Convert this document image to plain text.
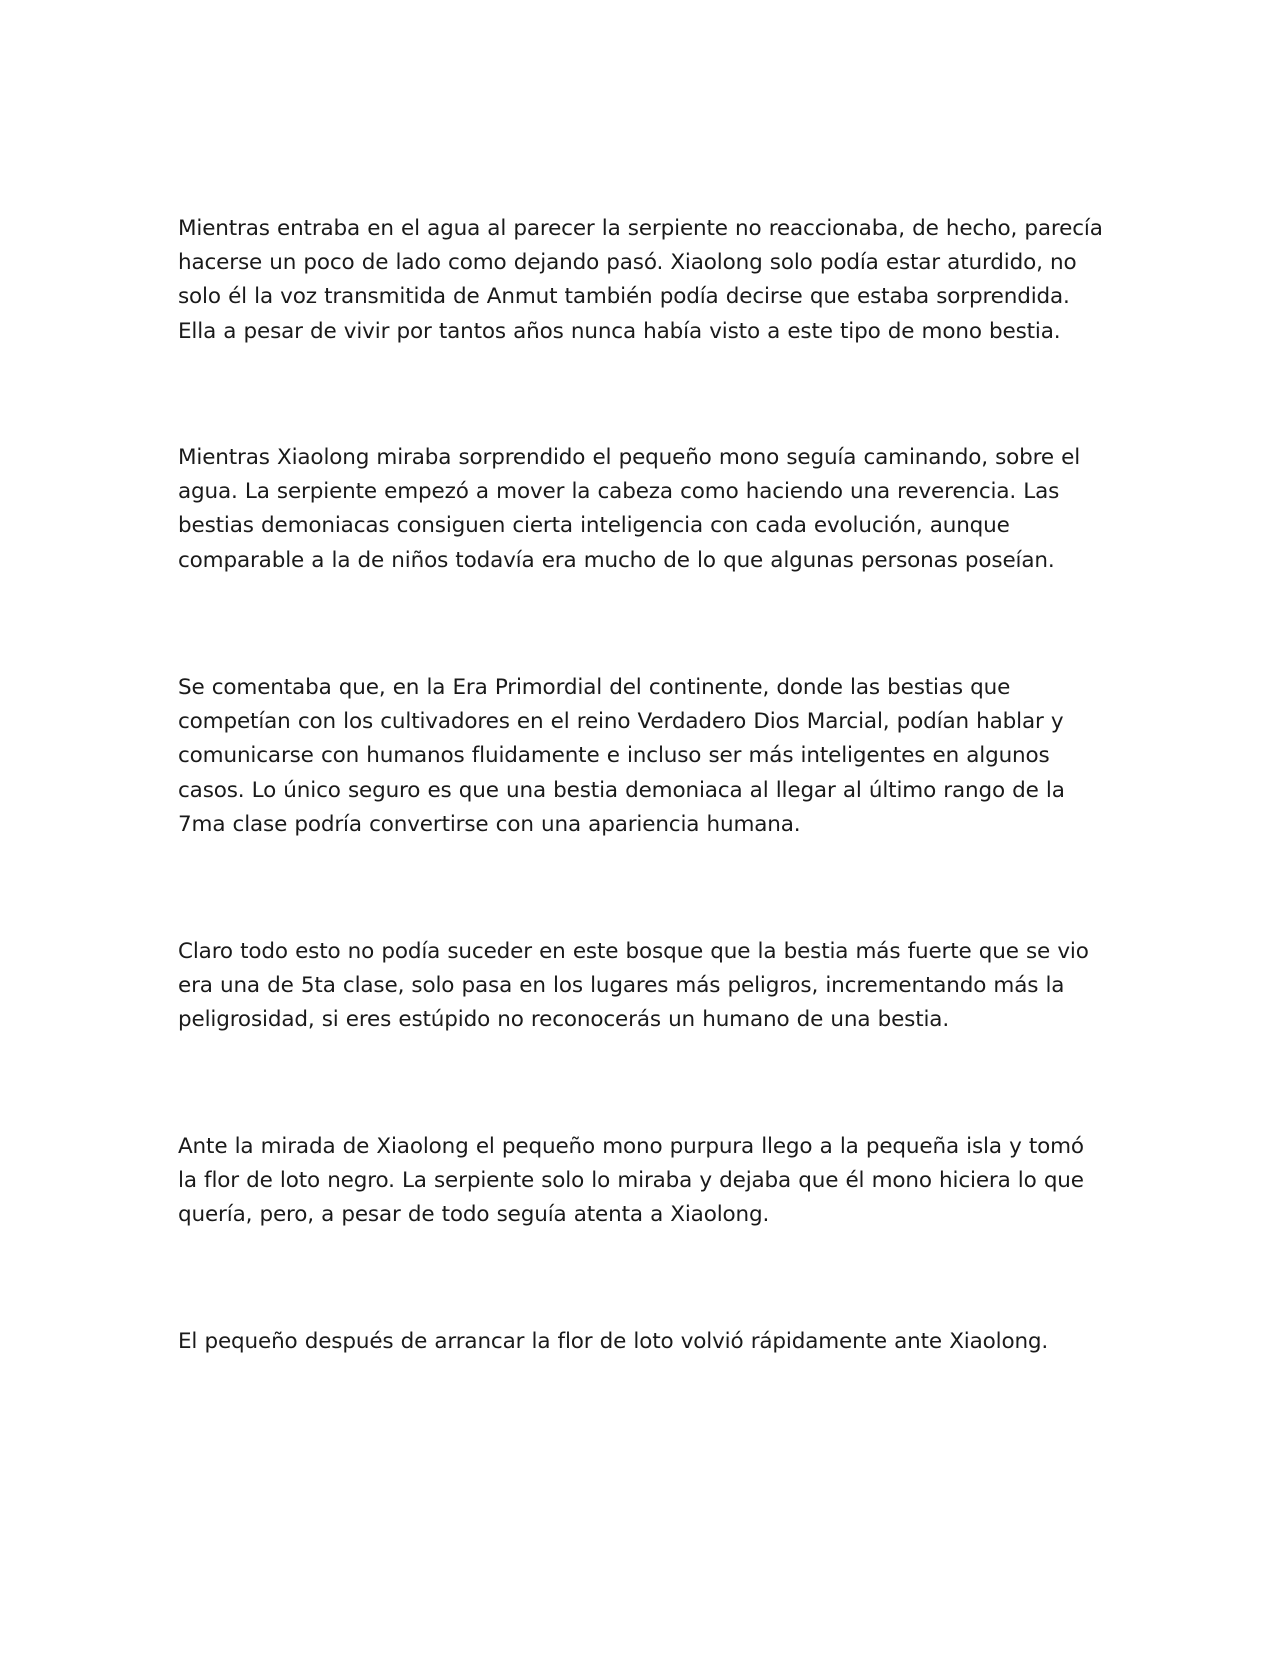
Mientras entraba en el agua al parecer la serpiente no reaccionaba, de hecho, parecía hacerse un poco de lado como dejando pasó. Xiaolong solo podía estar aturdido, no solo él la voz transmitida de Anmut también podía decirse que estaba sorprendida. Ella a pesar de vivir por tantos años nunca había visto a este tipo de mono bestia.

Mientras Xiaolong miraba sorprendido el pequeño mono seguía caminando, sobre el agua. La serpiente empezó a mover la cabeza como haciendo una reverencia. Las bestias demoniacas consiguen cierta inteligencia con cada evolución, aunque comparable a la de niños todavía era mucho de lo que algunas personas poseían.

Se comentaba que, en la Era Primordial del continente, donde las bestias que competían con los cultivadores en el reino Verdadero Dios Marcial, podían hablar y comunicarse con humanos fluidamente e incluso ser más inteligentes en algunos casos. Lo único seguro es que una bestia demoniaca al llegar al último rango de la 7ma clase podría convertirse con una apariencia humana.

Claro todo esto no podía suceder en este bosque que la bestia más fuerte que se vio era una de 5ta clase, solo pasa en los lugares más peligros, incrementando más la peligrosidad, si eres estúpido no reconocerás un humano de una bestia.

Ante la mirada de Xiaolong el pequeño mono purpura llego a la pequeña isla y tomó la flor de loto negro. La serpiente solo lo miraba y dejaba que él mono hiciera lo que quería, pero, a pesar de todo seguía atenta a Xiaolong.

El pequeño después de arrancar la flor de loto volvió rápidamente ante Xiaolong.
